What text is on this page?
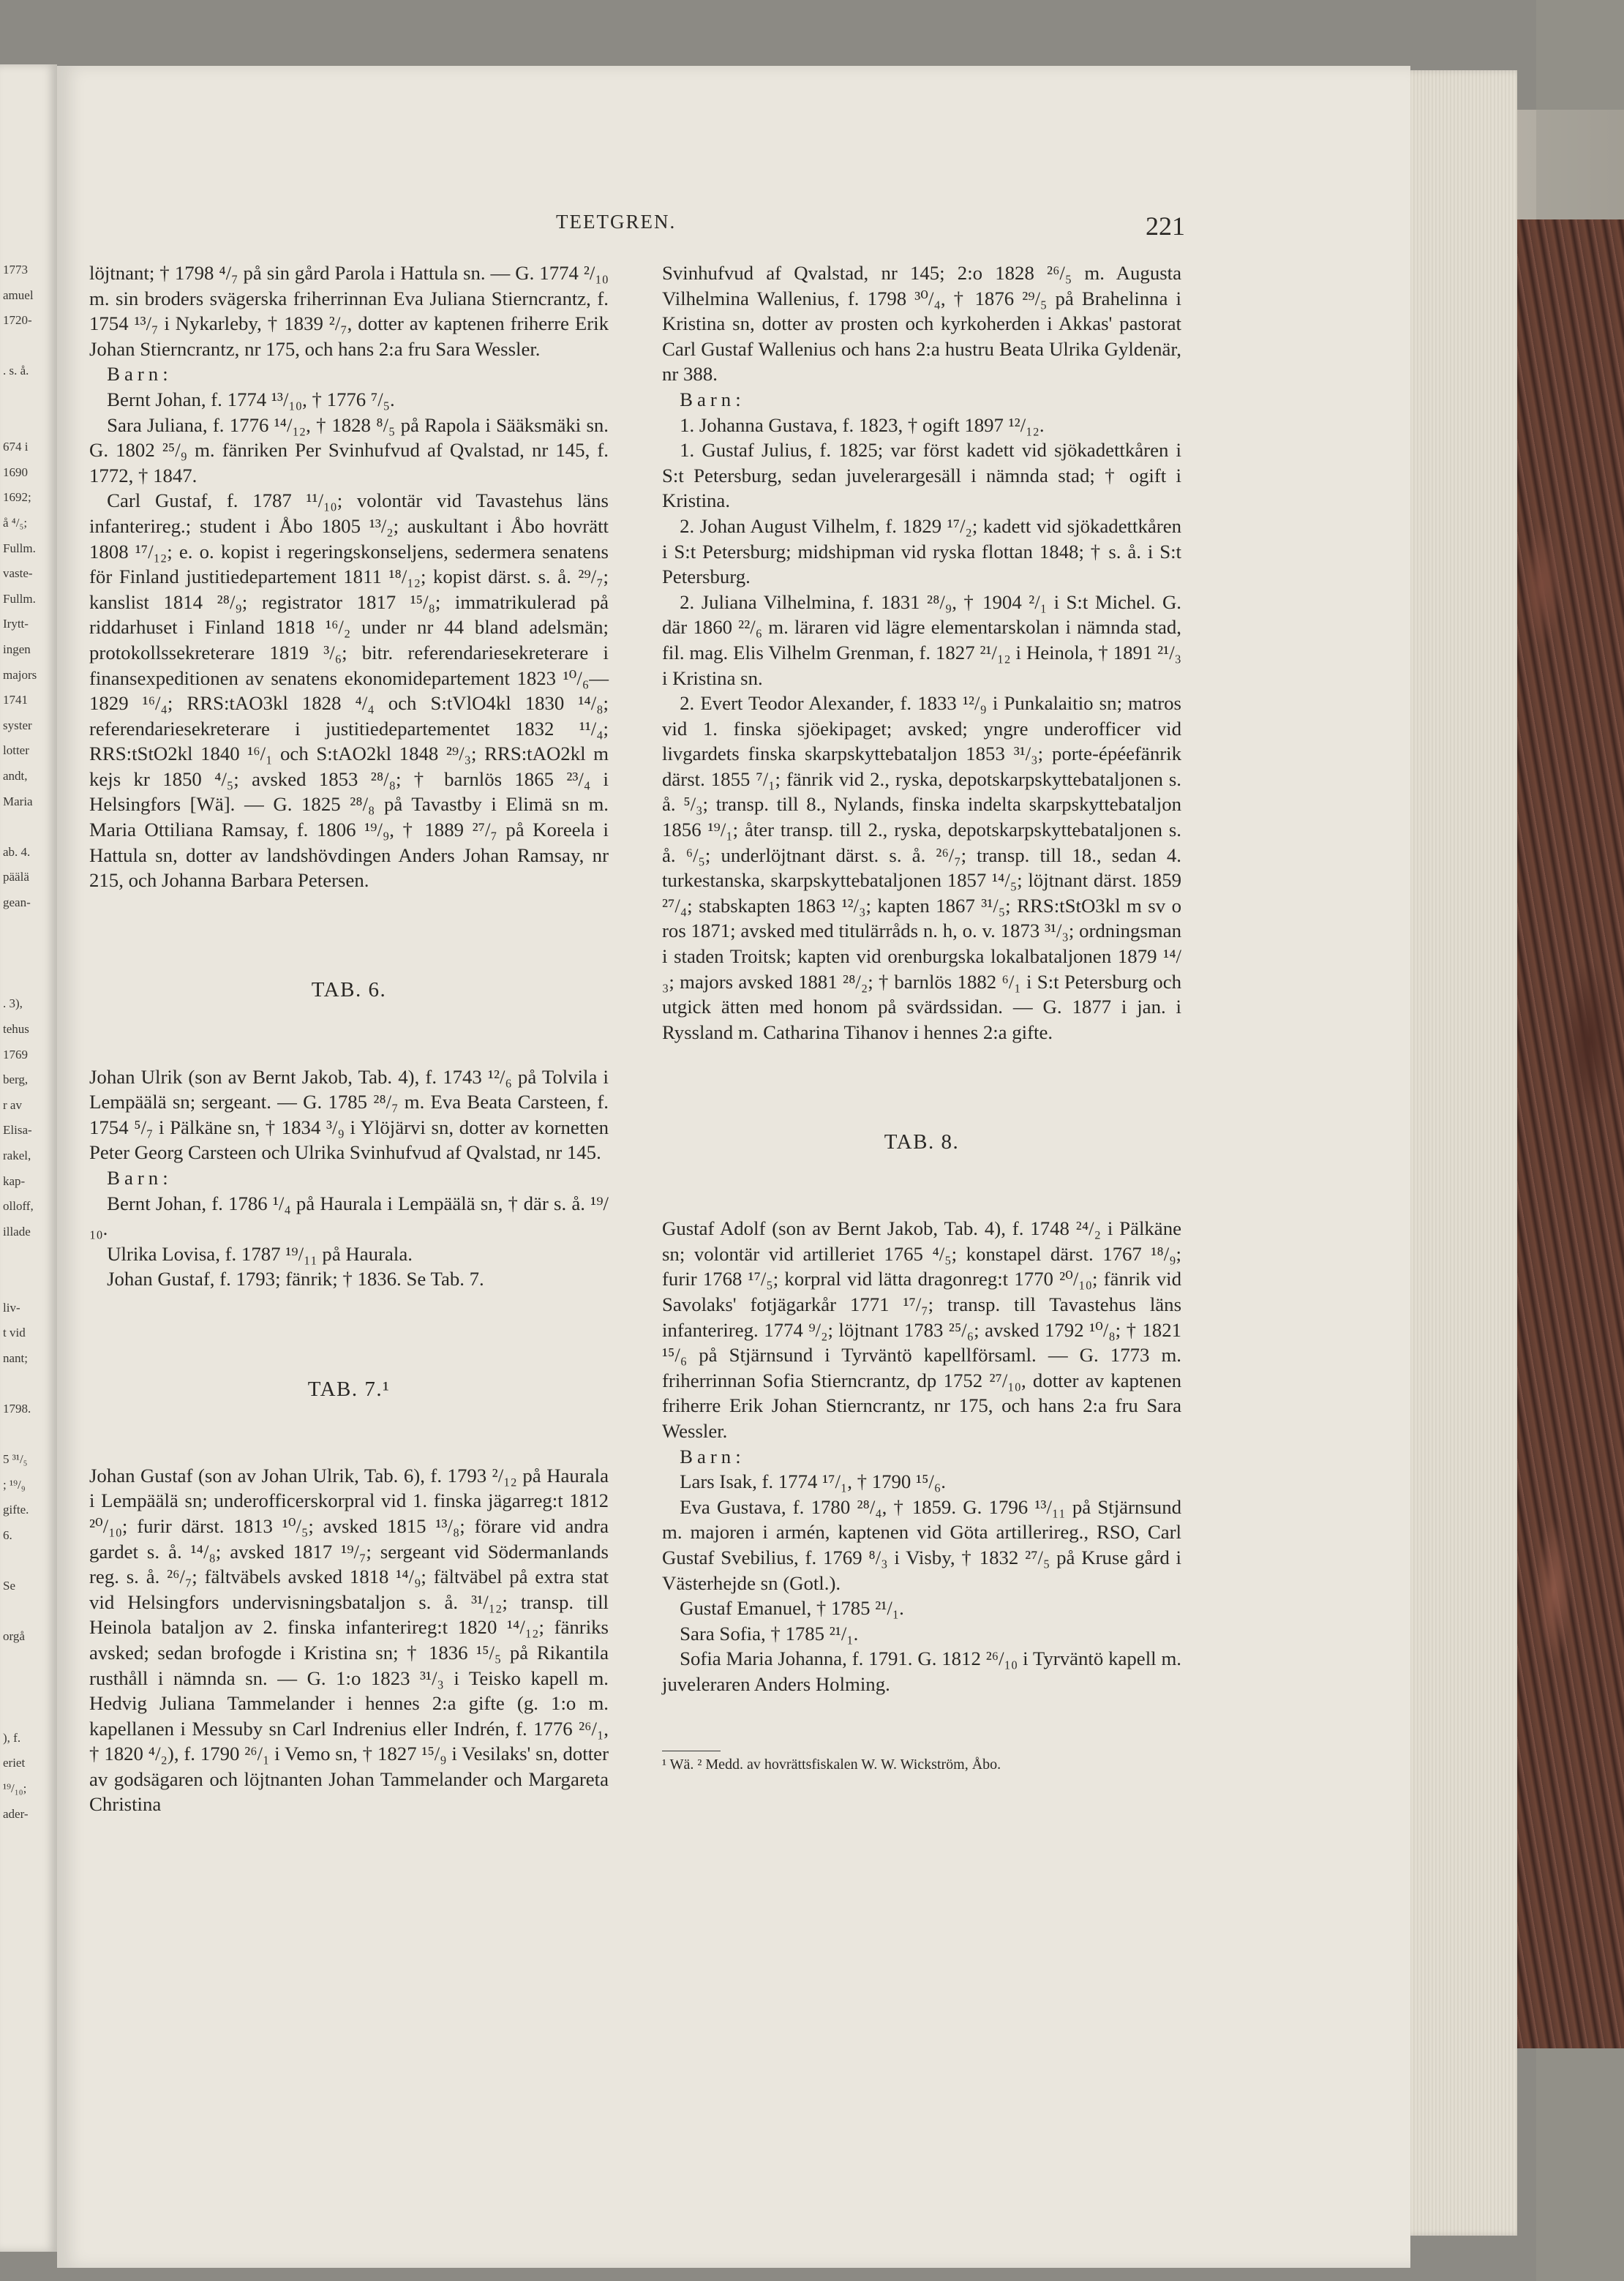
1773
amuel
1720-
. s. å.
674 i
1690
1692;
å ⁴/₅;
Fullm.
vaste-
Fullm.
Irytt-
ingen
majors
1741
syster
lotter
andt,
Maria
ab. 4.
päälä
gean-
. 3),
tehus
1769
berg,
r av
Elisa-
rakel,
kap-
olloff,
illade
liv-
t vid
nant;
1798.
5 ³¹/₅
; ¹⁹/₉
gifte.
6.
Se
orgå
), f.
eriet
¹⁹/₁₀;
ader-
TEETGREN.	221

löjtnant; † 1798 ⁴/₇ på sin gård Parola i Hattula sn. — G. 1774 ²/₁₀ m. sin broders svägerska friherrinnan Eva Juliana Stierncrantz, f. 1754 ¹³/₇ i Nykarleby, † 1839 ²/₇, dotter av kaptenen friherre Erik Johan Stierncrantz, nr 175, och hans 2:a fru Sara Wessler.

Barn:

Bernt Johan, f. 1774 ¹³/₁₀, † 1776 ⁷/₅.

Sara Juliana, f. 1776 ¹⁴/₁₂, † 1828 ⁸/₅ på Rapola i Sääksmäki sn. G. 1802 ²⁵/₉ m. fänriken Per Svinhufvud af Qvalstad, nr 145, f. 1772, † 1847.

Carl Gustaf, f. 1787 ¹¹/₁₀; volontär vid Tavastehus läns infanterireg.; student i Åbo 1805 ¹³/₂; auskultant i Åbo hovrätt 1808 ¹⁷/₁₂; e. o. kopist i regeringskonseljens, sedermera senatens för Finland justitiedepartement 1811 ¹⁸/₁₂; kopist därst. s. å. ²⁹/₇; kanslist 1814 ²⁸/₉; registrator 1817 ¹⁵/₈; immatrikulerad på riddarhuset i Finland 1818 ¹⁶/₂ under nr 44 bland adelsmän; protokollssekreterare 1819 ³/₆; bitr. referendariesekreterare i finansexpeditionen av senatens ekonomidepartement 1823 ¹⁰/₆—1829 ¹⁶/₄; RRS:tAO3kl 1828 ⁴/₄ och S:tVlO4kl 1830 ¹⁴/₈; referendariesekreterare i justitiedepartementet 1832 ¹¹/₄; RRS:tStO2kl 1840 ¹⁶/₁ och S:tAO2kl 1848 ²⁹/₃; RRS:tAO2kl m kejs kr 1850 ⁴/₅; avsked 1853 ²⁸/₈; † barnlös 1865 ²³/₄ i Helsingfors [Wä]. — G. 1825 ²⁸/₈ på Tavastby i Elimä sn m. Maria Ottiliana Ramsay, f. 1806 ¹⁹/₉, † 1889 ²⁷/₇ på Koreela i Hattula sn, dotter av landshövdingen Anders Johan Ramsay, nr 215, och Johanna Barbara Petersen.

TAB. 6.

Johan Ulrik (son av Bernt Jakob, Tab. 4), f. 1743 ¹²/₆ på Tolvila i Lempäälä sn; sergeant. — G. 1785 ²⁸/₇ m. Eva Beata Carsteen, f. 1754 ⁵/₇ i Pälkäne sn, † 1834 ³/₉ i Ylöjärvi sn, dotter av kornetten Peter Georg Carsteen och Ulrika Svinhufvud af Qvalstad, nr 145.

Barn:

Bernt Johan, f. 1786 ¹/₄ på Haurala i Lempäälä sn, † där s. å. ¹⁹/₁₀.

Ulrika Lovisa, f. 1787 ¹⁹/₁₁ på Haurala.

Johan Gustaf, f. 1793; fänrik; † 1836. Se Tab. 7.

TAB. 7.¹

Johan Gustaf (son av Johan Ulrik, Tab. 6), f. 1793 ²/₁₂ på Haurala i Lempäälä sn; underofficerskorpral vid 1. finska jägarreg:t 1812 ²⁰/₁₀; furir därst. 1813 ¹⁰/₅; avsked 1815 ¹³/₈; förare vid andra gardet s. å. ¹⁴/₈; avsked 1817 ¹⁹/₇; sergeant vid Södermanlands reg. s. å. ²⁶/₇; fältväbels avsked 1818 ¹⁴/₉; fältväbel på extra stat vid Helsingfors undervisningsbataljon s. å. ³¹/₁₂; transp. till Heinola bataljon av 2. finska infanterireg:t 1820 ¹⁴/₁₂; fänriks avsked; sedan brofogde i Kristina sn; † 1836 ¹⁵/₅ på Rikantila rusthåll i nämnda sn. — G. 1:o 1823 ³¹/₃ i Teisko kapell m. Hedvig Juliana Tammelander i hennes 2:a gifte (g. 1:o m. kapellanen i Messuby sn Carl Indrenius eller Indrén, f. 1776 ²⁶/₁, † 1820 ⁴/₂), f. 1790 ²⁶/₁ i Vemo sn, † 1827 ¹⁵/₉ i Vesilaks' sn, dotter av godsägaren och löjtnanten Johan Tammelander och Margareta Christina

Svinhufvud af Qvalstad, nr 145; 2:o 1828 ²⁶/₅ m. Augusta Vilhelmina Wallenius, f. 1798 ³⁰/₄, † 1876 ²⁹/₅ på Brahelinna i Kristina sn, dotter av prosten och kyrkoherden i Akkas' pastorat Carl Gustaf Wallenius och hans 2:a hustru Beata Ulrika Gyldenär, nr 388.

Barn:

1. Johanna Gustava, f. 1823, † ogift 1897 ¹²/₁₂.

1. Gustaf Julius, f. 1825; var först kadett vid sjökadettkåren i S:t Petersburg, sedan juvelerargesäll i nämnda stad; † ogift i Kristina.

2. Johan August Vilhelm, f. 1829 ¹⁷/₂; kadett vid sjökadettkåren i S:t Petersburg; midshipman vid ryska flottan 1848; † s. å. i S:t Petersburg.

2. Juliana Vilhelmina, f. 1831 ²⁸/₉, † 1904 ²/₁ i S:t Michel. G. där 1860 ²²/₆ m. läraren vid lägre elementarskolan i nämnda stad, fil. mag. Elis Vilhelm Grenman, f. 1827 ²¹/₁₂ i Heinola, † 1891 ²¹/₃ i Kristina sn.

2. Evert Teodor Alexander, f. 1833 ¹²/₉ i Punkalaitio sn; matros vid 1. finska sjöekipaget; avsked; yngre underofficer vid livgardets finska skarpskyttebataljon 1853 ³¹/₃; porte-épéefänrik därst. 1855 ⁷/₁; fänrik vid 2., ryska, depotskarpskyttebataljonen s. å. ⁵/₃; transp. till 8., Nylands, finska indelta skarpskyttebataljon 1856 ¹⁹/₁; åter transp. till 2., ryska, depotskarpskyttebataljonen s. å. ⁶/₅; underlöjtnant därst. s. å. ²⁶/₇; transp. till 18., sedan 4. turkestanska, skarpskyttebataljonen 1857 ¹⁴/₅; löjtnant därst. 1859 ²⁷/₄; stabskapten 1863 ¹²/₃; kapten 1867 ³¹/₅; RRS:tStO3kl m sv o ros 1871; avsked med titulärråds n. h, o. v. 1873 ³¹/₃; ordningsman i staden Troitsk; kapten vid orenburgska lokalbataljonen 1879 ¹⁴/₃; majors avsked 1881 ²⁸/₂; † barnlös 1882 ⁶/₁ i S:t Petersburg och utgick ätten med honom på svärdssidan. — G. 1877 i jan. i Ryssland m. Catharina Tihanov i hennes 2:a gifte.

TAB. 8.

Gustaf Adolf (son av Bernt Jakob, Tab. 4), f. 1748 ²⁴/₂ i Pälkäne sn; volontär vid artilleriet 1765 ⁴/₅; konstapel därst. 1767 ¹⁸/₉; furir 1768 ¹⁷/₅; korpral vid lätta dragonreg:t 1770 ²⁰/₁₀; fänrik vid Savolaks' fotjägarkår 1771 ¹⁷/₇; transp. till Tavastehus läns infanterireg. 1774 ⁹/₂; löjtnant 1783 ²⁵/₆; avsked 1792 ¹⁰/₈; † 1821 ¹⁵/₆ på Stjärnsund i Tyrväntö kapellförsaml. — G. 1773 m. friherrinnan Sofia Stierncrantz, dp 1752 ²⁷/₁₀, dotter av kaptenen friherre Erik Johan Stierncrantz, nr 175, och hans 2:a fru Sara Wessler.

Barn:

Lars Isak, f. 1774 ¹⁷/₁, † 1790 ¹⁵/₆.

Eva Gustava, f. 1780 ²⁸/₄, † 1859. G. 1796 ¹³/₁₁ på Stjärnsund m. majoren i armén, kaptenen vid Göta artillerireg., RSO, Carl Gustaf Svebilius, f. 1769 ⁸/₃ i Visby, † 1832 ²⁷/₅ på Kruse gård i Västerhejde sn (Gotl.).

Gustaf Emanuel, † 1785 ²¹/₁.

Sara Sofia, † 1785 ²¹/₁.

Sofia Maria Johanna, f. 1791. G. 1812 ²⁶/₁₀ i Tyrväntö kapell m. juveleraren Anders Holming.

¹ Wä. ² Medd. av hovrättsfiskalen W. W. Wickström, Åbo.
